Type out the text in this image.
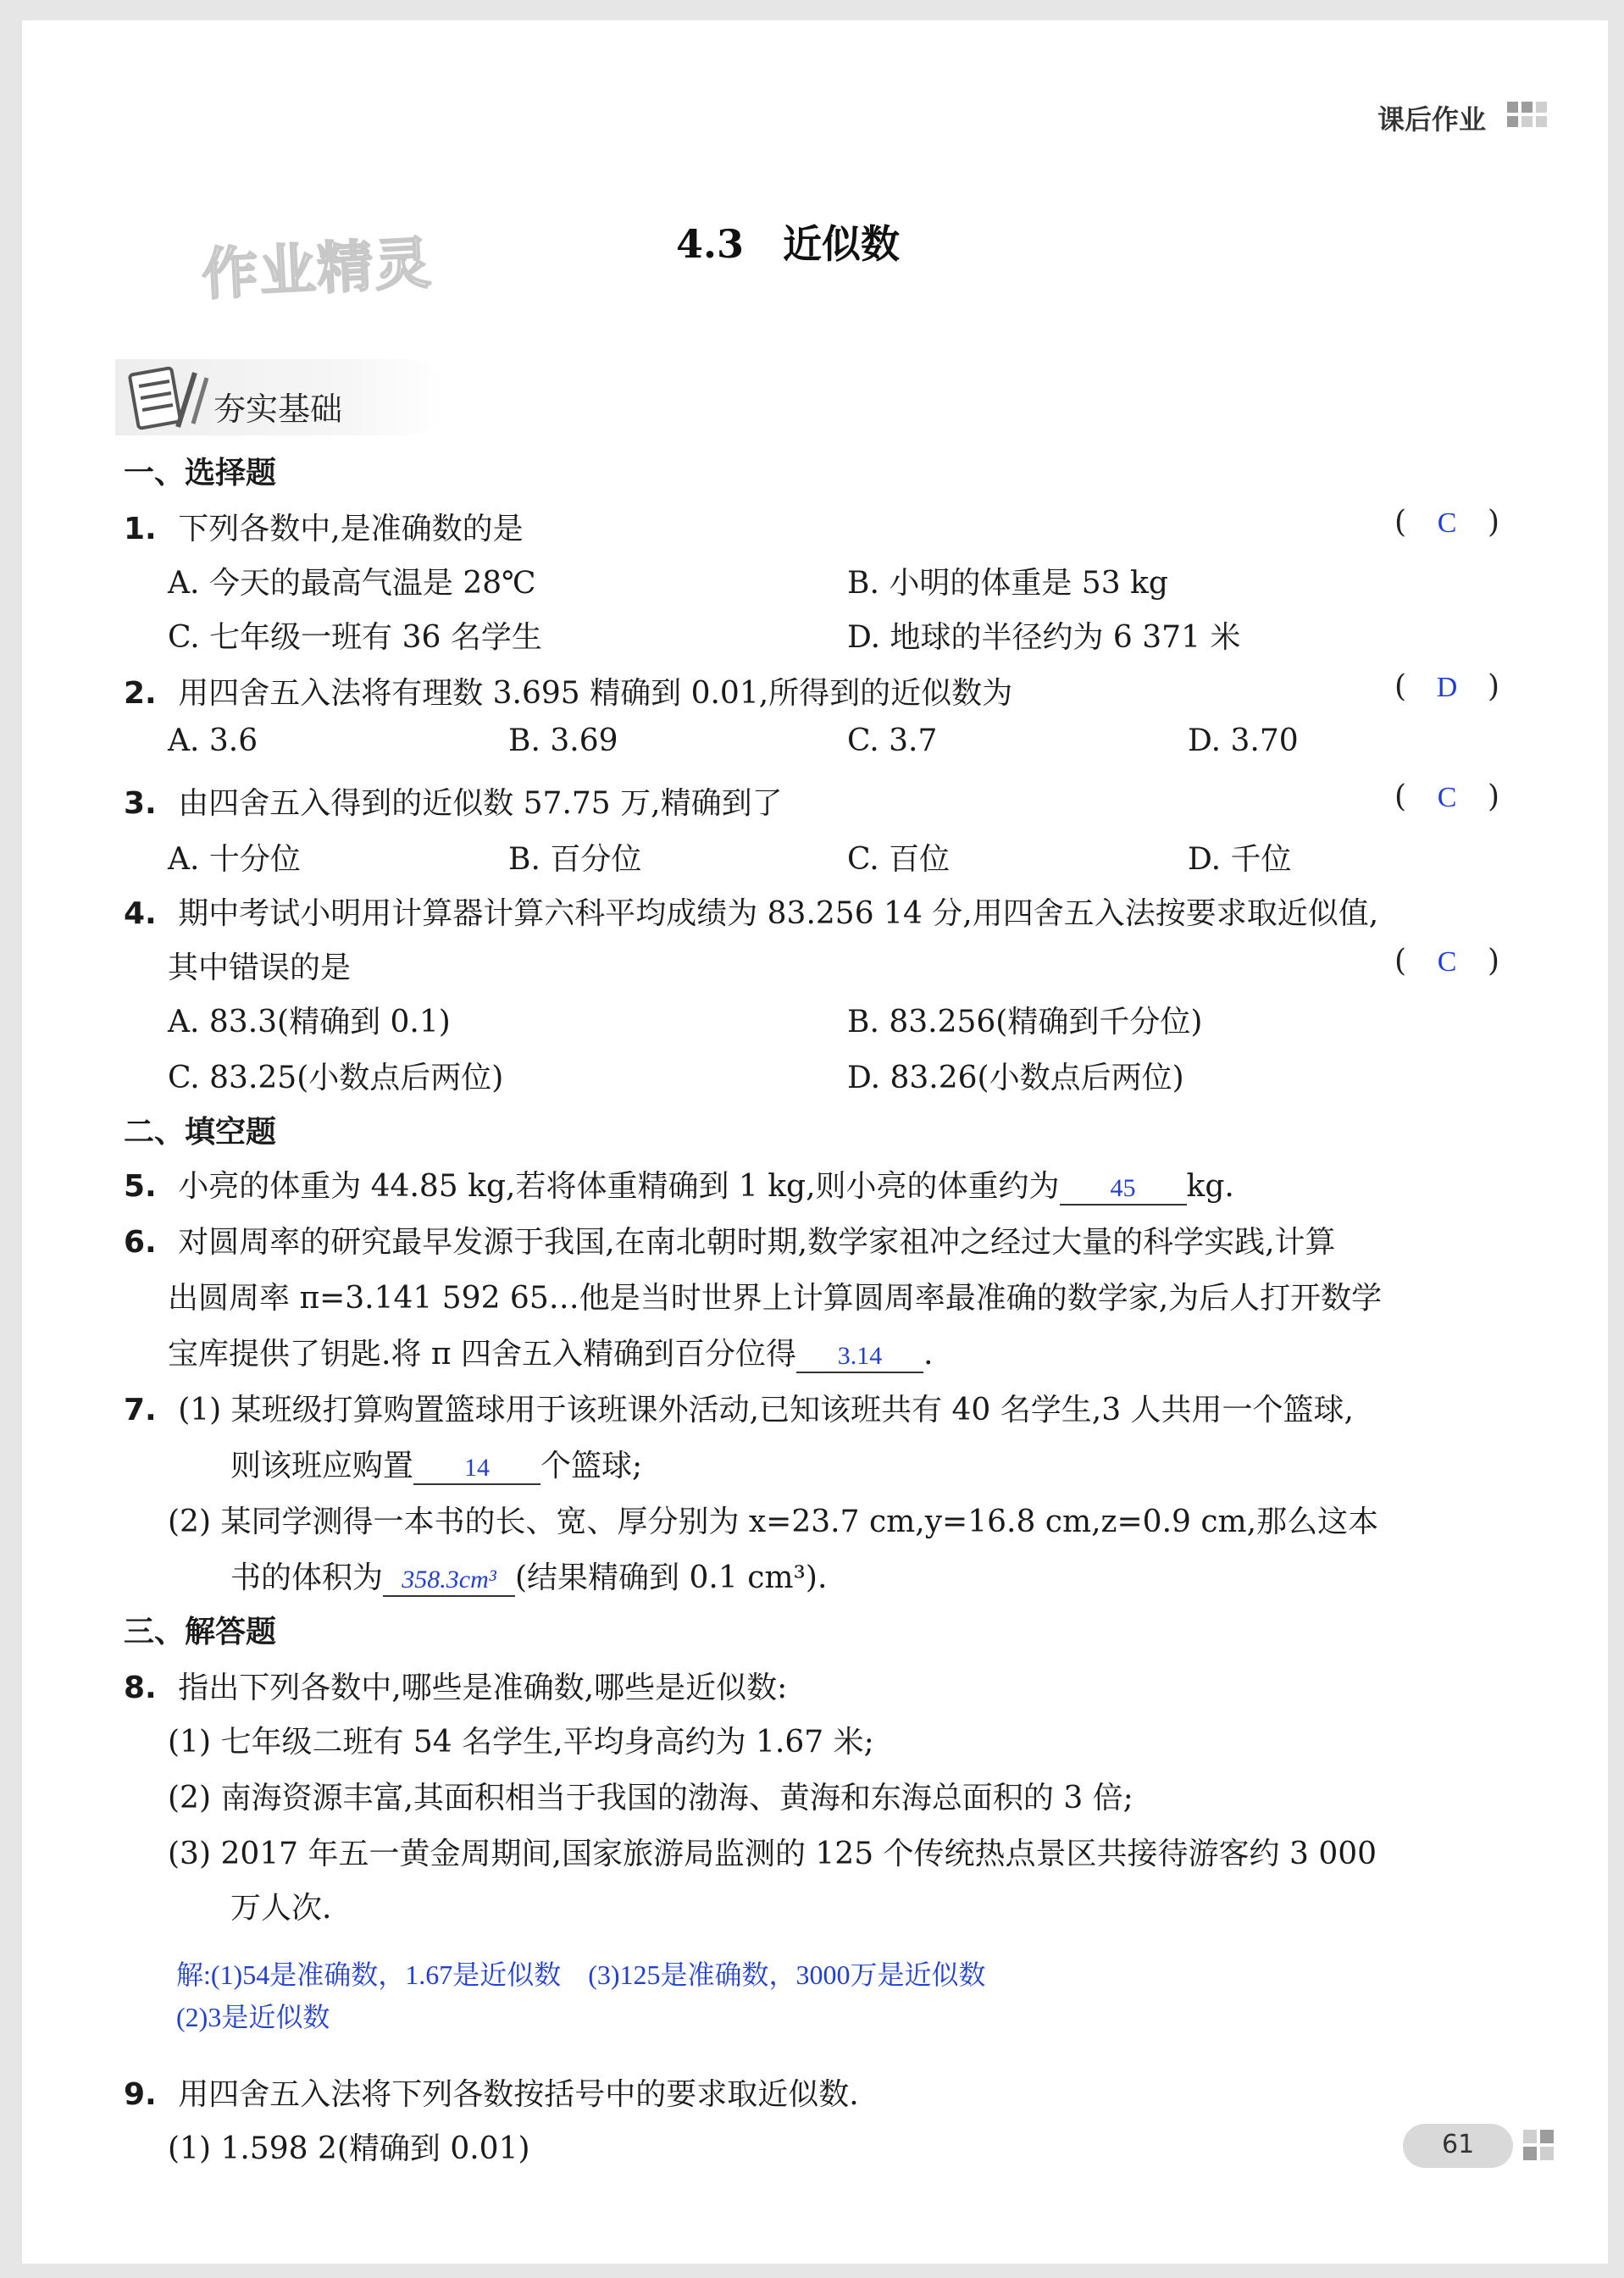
课后作业
作业精灵	4.3　近似数
夯实基础
一、选择题
1. 下列各数中,是准确数的是	( C )
A. 今天的最高气温是 28℃	B. 小明的体重是 53 kg
C. 七年级一班有 36 名学生	D. 地球的半径约为 6 371 米
2. 用四舍五入法将有理数 3.695 精确到 0.01,所得到的近似数为	( D )
A. 3.6	B. 3.69	C. 3.7	D. 3.70
3. 由四舍五入得到的近似数 57.75 万,精确到了	( C )
A. 十分位	B. 百分位	C. 百位	D. 千位
4. 期中考试小明用计算器计算六科平均成绩为 83.256 14 分,用四舍五入法按要求取近似值,
其中错误的是	( C )
A. 83.3(精确到 0.1)	B. 83.256(精确到千分位)
C. 83.25(小数点后两位)	D. 83.26(小数点后两位)
二、填空题
5. 小亮的体重为 44.85 kg,若将体重精确到 1 kg,则小亮的体重约为 45 kg.
6. 对圆周率的研究最早发源于我国,在南北朝时期,数学家祖冲之经过大量的科学实践,计算
出圆周率 π=3.141 592 65…他是当时世界上计算圆周率最准确的数学家,为后人打开数学
宝库提供了钥匙.将 π 四舍五入精确到百分位得 3.14 .
7. (1) 某班级打算购置篮球用于该班课外活动,已知该班共有 40 名学生,3 人共用一个篮球,
则该班应购置 14 个篮球;
(2) 某同学测得一本书的长、宽、厚分别为 x=23.7 cm,y=16.8 cm,z=0.9 cm,那么这本
书的体积为 358.3cm³ (结果精确到 0.1 cm³).
三、解答题
8. 指出下列各数中,哪些是准确数,哪些是近似数:
(1) 七年级二班有 54 名学生,平均身高约为 1.67 米;
(2) 南海资源丰富,其面积相当于我国的渤海、黄海和东海总面积的 3 倍;
(3) 2017 年五一黄金周期间,国家旅游局监测的 125 个传统热点景区共接待游客约 3 000
万人次.
解:(1)54是准确数，1.67是近似数　(3)125是准确数，3000万是近似数
(2)3是近似数
9. 用四舍五入法将下列各数按括号中的要求取近似数.
(1) 1.598 2(精确到 0.01)	61
